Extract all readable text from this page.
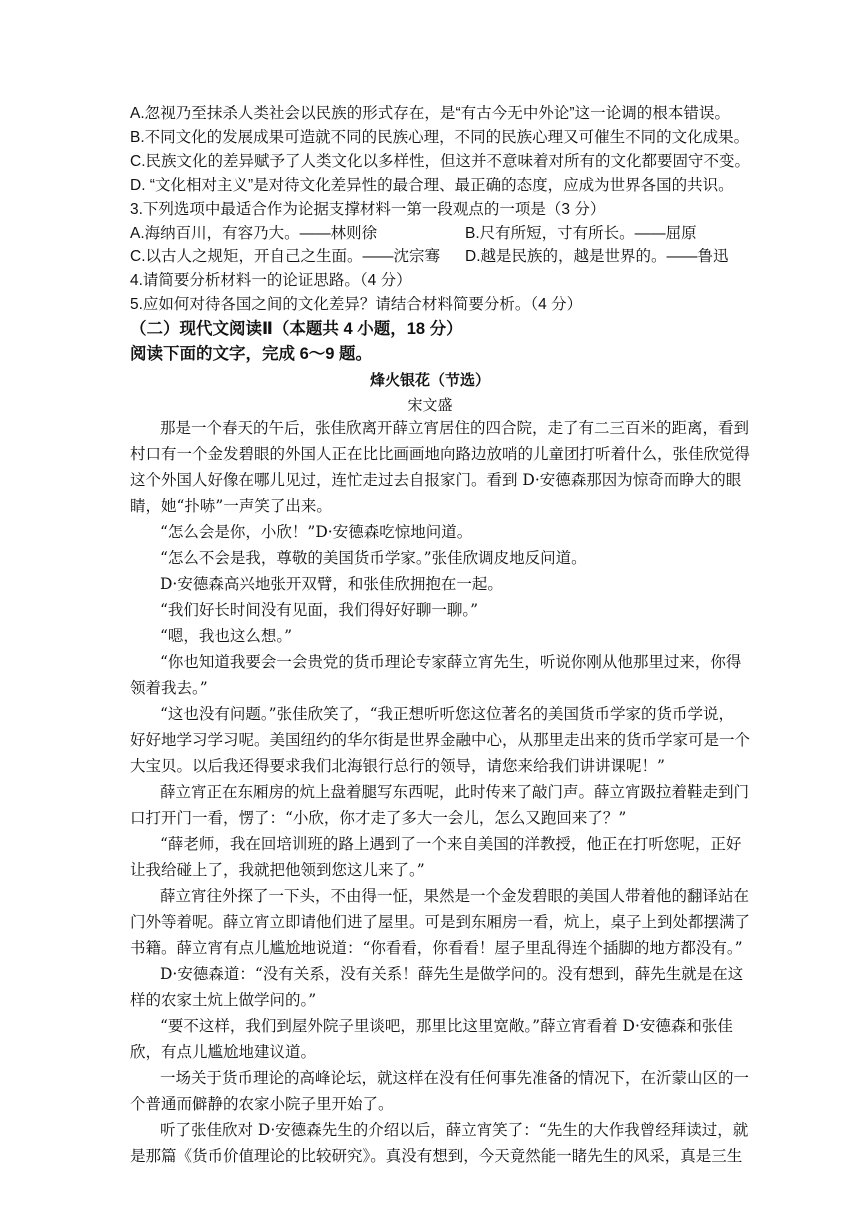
A.忽视乃至抹杀人类社会以民族的形式存在，是“有古今无中外论”这一论调的根本错误。
B.不同文化的发展成果可造就不同的民族心理，不同的民族心理又可催生不同的文化成果。
C.民族文化的差异赋予了人类文化以多样性，但这并不意味着对所有的文化都要固守不变。
D. “文化相对主义”是对待文化差异性的最合理、最正确的态度，应成为世界各国的共识。
3.下列选项中最适合作为论据支撑材料一第一段观点的一项是（3 分）
A.海纳百川，有容乃大。——林则徐	B.尺有所短，寸有所长。——屈原
C.以古人之规矩，开自己之生面。——沈宗骞 D.越是民族的，越是世界的。——鲁迅
4.请简要分析材料一的论证思路。（4 分）
5.应如何对待各国之间的文化差异？请结合材料简要分析。（4 分）
（二）现代文阅读Ⅱ（本题共 4 小题，18 分）
阅读下面的文字，完成 6～9 题。
烽火银花（节选）
宋文盛
那是一个春天的午后，张佳欣离开薛立宵居住的四合院，走了有二三百米的距离，看到
村口有一个金发碧眼的外国人正在比比画画地向路边放哨的儿童团打听着什么，张佳欣觉得
这个外国人好像在哪儿见过，连忙走过去自报家门。看到 D·安德森那因为惊奇而睁大的眼
睛，她“扑哧”一声笑了出来。
“怎么会是你，小欣！”D·安德森吃惊地问道。
“怎么不会是我，尊敬的美国货币学家。”张佳欣调皮地反问道。
D·安德森高兴地张开双臂，和张佳欣拥抱在一起。
“我们好长时间没有见面，我们得好好聊一聊。”
“嗯，我也这么想。”
“你也知道我要会一会贵党的货币理论专家薛立宵先生，听说你刚从他那里过来，你得
领着我去。”
“这也没有问题。”张佳欣笑了，“我正想听听您这位著名的美国货币学家的货币学说，
好好地学习学习呢。美国纽约的华尔街是世界金融中心，从那里走出来的货币学家可是一个
大宝贝。以后我还得要求我们北海银行总行的领导，请您来给我们讲讲课呢！”
薛立宵正在东厢房的炕上盘着腿写东西呢，此时传来了敲门声。薛立宵趿拉着鞋走到门
口打开门一看，愣了：“小欣，你才走了多大一会儿，怎么又跑回来了？”
“薛老师，我在回培训班的路上遇到了一个来自美国的洋教授，他正在打听您呢，正好
让我给碰上了，我就把他领到您这儿来了。”
薛立宵往外探了一下头，不由得一怔，果然是一个金发碧眼的美国人带着他的翻译站在
门外等着呢。薛立宵立即请他们进了屋里。可是到东厢房一看，炕上，桌子上到处都摆满了
书籍。薛立宵有点儿尴尬地说道：“你看看，你看看！屋子里乱得连个插脚的地方都没有。”
D·安德森道：“没有关系，没有关系！薛先生是做学问的。没有想到，薛先生就是在这
样的农家土炕上做学问的。”
“要不这样，我们到屋外院子里谈吧，那里比这里宽敞。”薛立宵看着 D·安德森和张佳
欣，有点儿尴尬地建议道。
一场关于货币理论的高峰论坛，就这样在没有任何事先准备的情况下，在沂蒙山区的一
个普通而僻静的农家小院子里开始了。
听了张佳欣对 D·安德森先生的介绍以后，薛立宵笑了：“先生的大作我曾经拜读过，就
是那篇《货币价值理论的比较研究》。真没有想到，今天竟然能一睹先生的风采，真是三生
